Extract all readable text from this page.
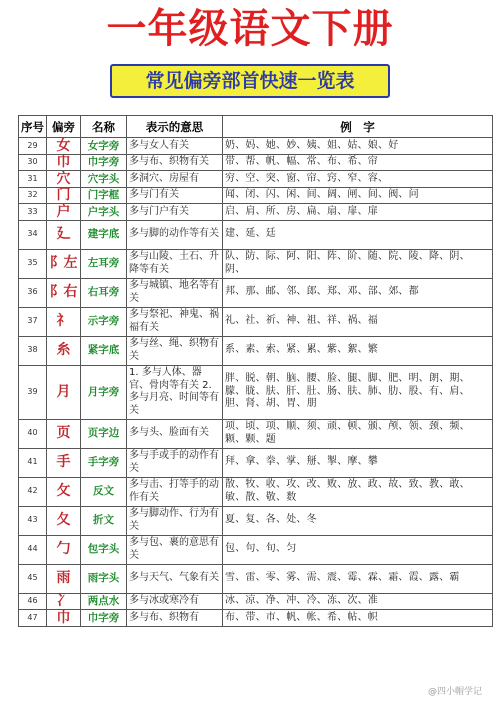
一年级语文下册
常见偏旁部首快速一览表
序号	偏旁	名称	表示的意思	例　字
29	女	女字旁	多与女人有关	奶、妈、她、妙、姨、姐、姑、娘、好
30	巾	巾字旁	多与布、织物有关	带、帮、帆、幅、常、布、希、帘
31	穴	穴字头	多洞穴、房屋有	穷、空、突、窗、帘、窍、窄、容、
32	门	门字框	多与门有关	闻、闭、闪、闲、间、阔、闸、间、阀、问
33	户	户字头	多与门户有关	启、肩、所、房、扁、扇、扉、扉
34	廴	建字底	多与脚的动作等有关	建、延、廷
35	阝左	左耳旁	多与山陵、土石、升降等有关	队、防、际、阿、阳、阵、阶、随、院、陵、降、阴、阴、
36	阝右	右耳旁	多与城镇、地名等有关	邦、那、邮、邻、郎、郑、邓、部、郊、都
37	礻	示字旁	多与祭祀、神鬼、祸福有关	礼、社、祈、神、祖、祥、祸、福
38	糸	紧字底	多与丝、绳、织物有关	系、素、索、紧、累、紫、絮、繁
39	月	月字旁	1. 多与人体、器官、骨肉等有关 2. 多与月亮、时间等有关	胖、脱、朝、脑、腰、脸、腿、脚、肥、明、朗、期、朦、胧、肤、肝、肚、肠、肤、肺、肋、股、有、肩、胆、肾、胡、胃、朋
40	页	页字边	多与头、脸面有关	项、顷、项、顺、须、顽、顿、颁、颅、领、颈、频、颗、颗、题
41	手	手字旁	多与手或手的动作有关	拜、拿、拳、掌、掰、掣、摩、攀
42	攵	反文	多与击、打等手的动作有关	散、牧、收、攻、改、败、放、政、故、致、教、敢、敏、散、敬、数
43	夂	折文	多与脚动作、行为有关	夏、复、各、处、冬
44	勹	包字头	多与包、裹的意思有关	包、句、旬、匀
45	雨	雨字头	多与天气、气象有关	雪、雷、零、雾、需、震、霉、霖、霜、霞、露、霸
46	冫	两点水	多与冰或寒冷有	冰、凉、净、冲、冷、冻、次、准
47	巾	巾字旁	多与布、织物有	布、带、市、帆、帐、希、帖、帜
@四小帽学记
